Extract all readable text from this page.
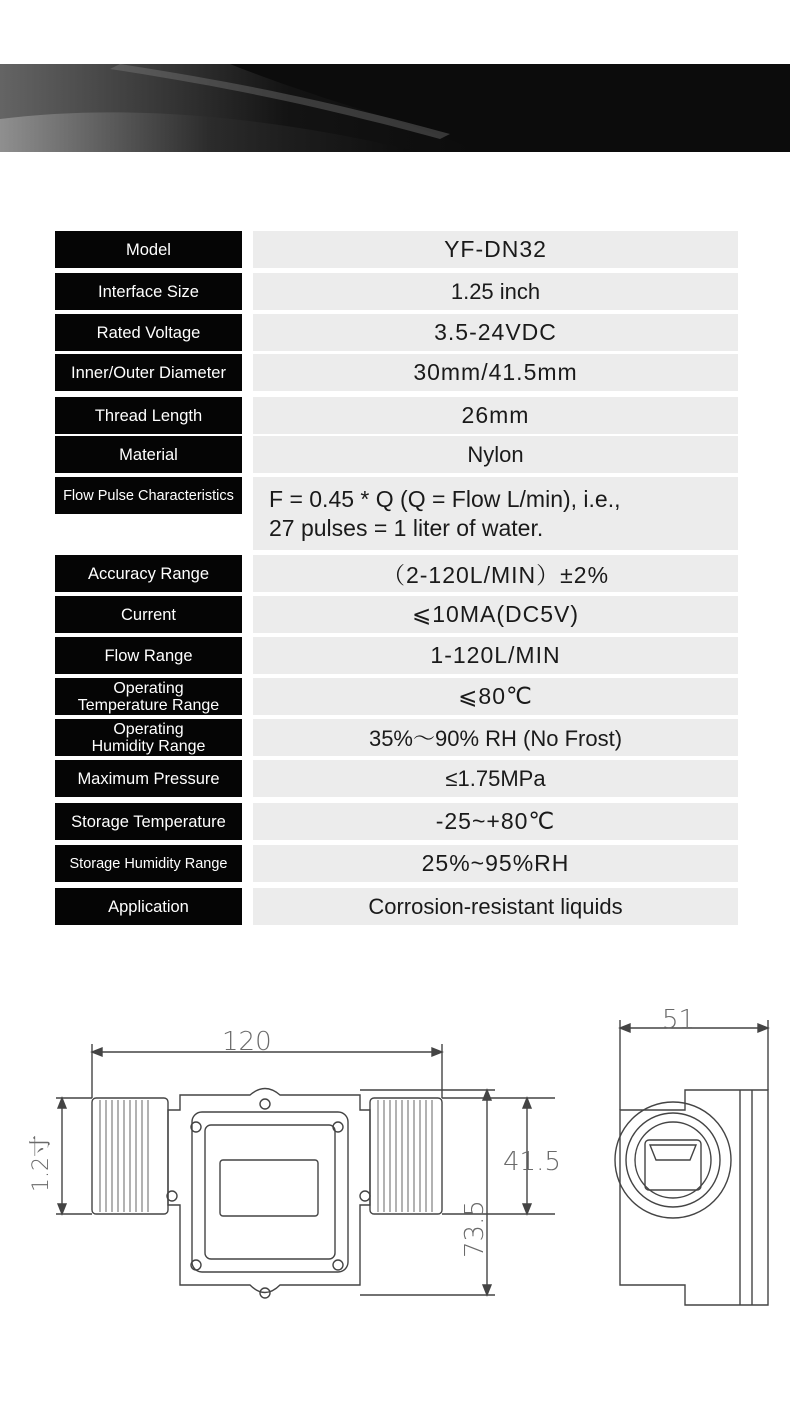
Model	YF-DN32
Interface Size	1.25 inch
Rated Voltage	3.5-24VDC
Inner/Outer Diameter	30mm/41.5mm
Thread Length	26mm
Material	Nylon
Flow Pulse Characteristics	F = 0.45 * Q (Q = Flow L/min), i.e.,
27 pulses = 1 liter of water.
Accuracy Range	（2-120L/MIN）±2%
Current	⩽10MA(DC5V)
Flow Range	1-120L/MIN
Operating
Temperature Range	⩽80℃
Operating
Humidity Range	35%～90% RH (No Frost)
Maximum Pressure	≤1.75MPa
Storage Temperature	-25~+80℃
Storage Humidity Range	25%~95%RH
Application	Corrosion-resistant liquids
120
41.5
73.5
1.2寸
51
